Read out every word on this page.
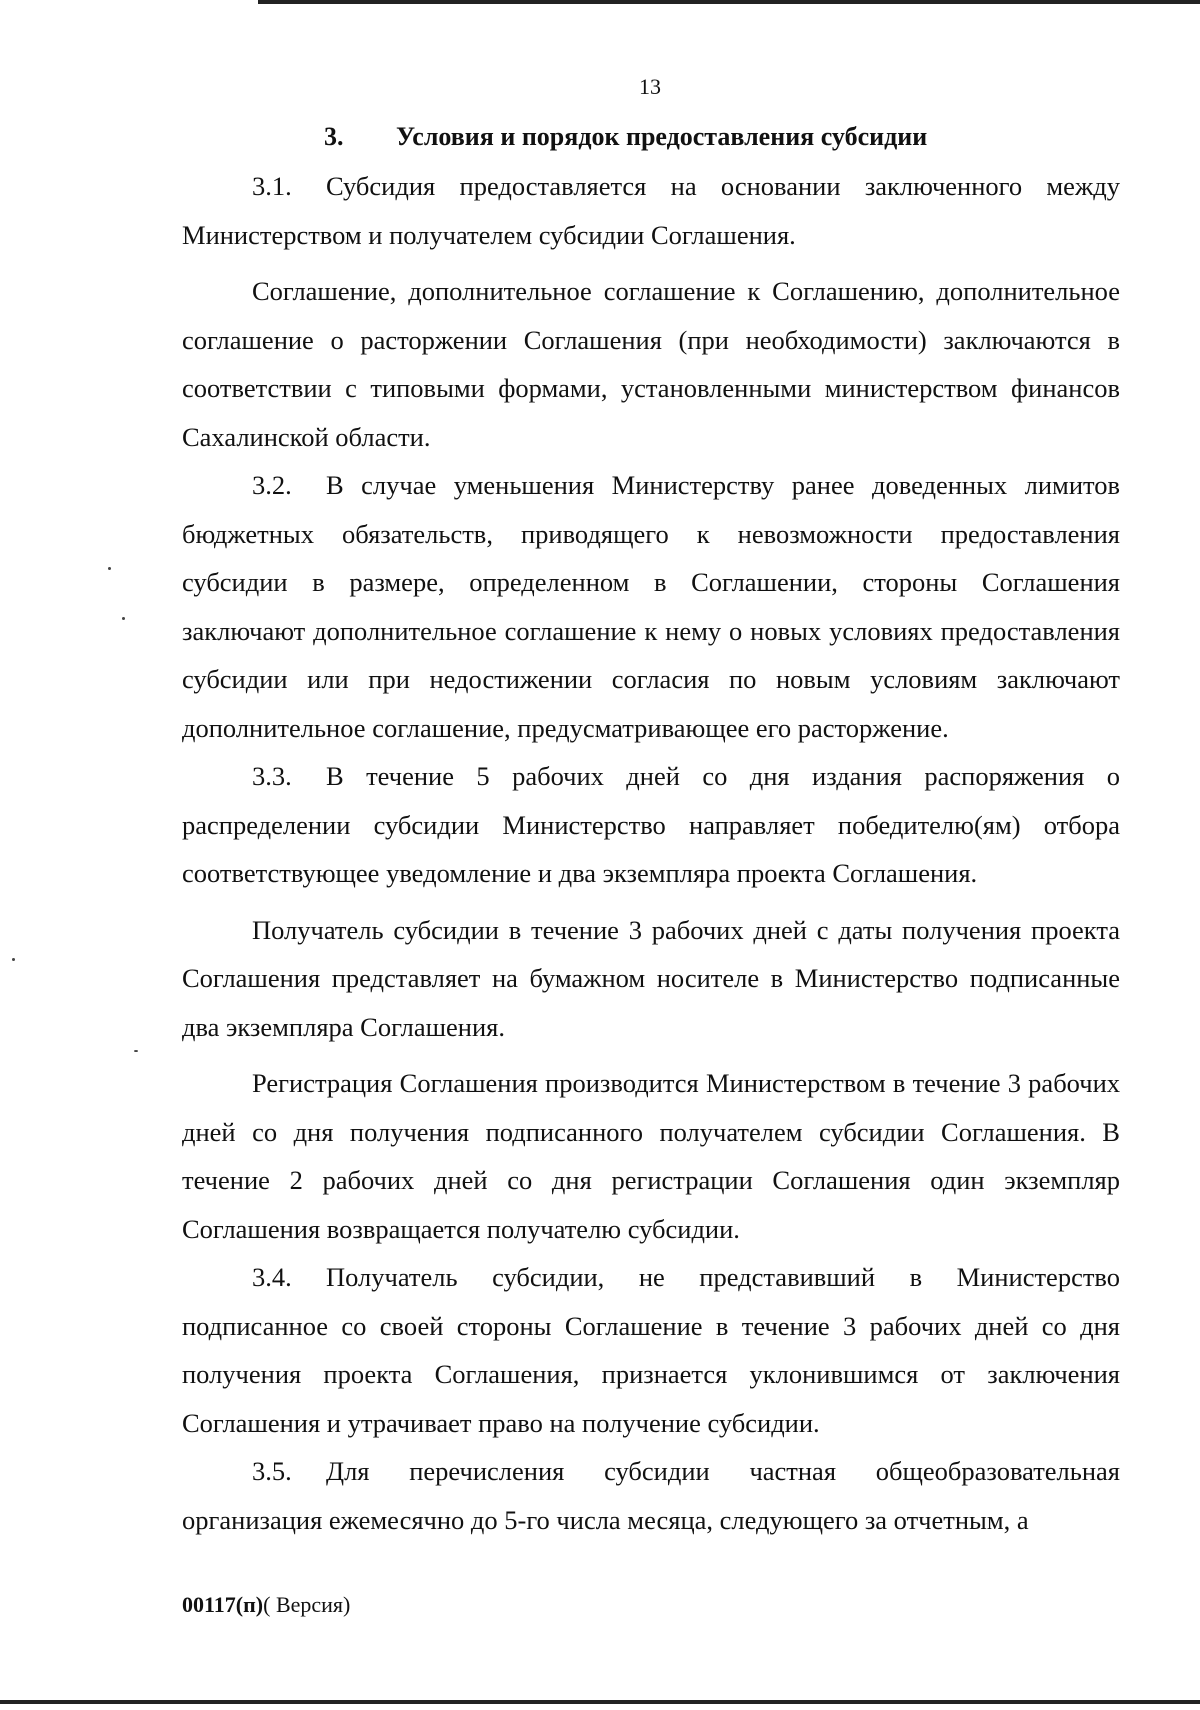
13
3. Условия и порядок предоставления субсидии

3.1. Субсидия предоставляется на основании заключенного между Министерством и получателем субсидии Соглашения.

Соглашение, дополнительное соглашение к Соглашению, дополнительное соглашение о расторжении Соглашения (при необходимости) заключаются в соответствии с типовыми формами, установленными министерством финансов Сахалинской области.

3.2. В случае уменьшения Министерству ранее доведенных лимитов бюджетных обязательств, приводящего к невозможности предоставления субсидии в размере, определенном в Соглашении, стороны Соглашения заключают дополнительное соглашение к нему о новых условиях предоставления субсидии или при недостижении согласия по новым условиям заключают дополнительное соглашение, предусматривающее его расторжение.

3.3. В течение 5 рабочих дней со дня издания распоряжения о распределении субсидии Министерство направляет победителю(ям) отбора соответствующее уведомление и два экземпляра проекта Соглашения.

Получатель субсидии в течение 3 рабочих дней с даты получения проекта Соглашения представляет на бумажном носителе в Министерство подписанные два экземпляра Соглашения.

Регистрация Соглашения производится Министерством в течение 3 рабочих дней со дня получения подписанного получателем субсидии Соглашения. В течение 2 рабочих дней со дня регистрации Соглашения один экземпляр Соглашения возвращается получателю субсидии.

3.4. Получатель субсидии, не представивший в Министерство подписанное со своей стороны Соглашение в течение 3 рабочих дней со дня получения проекта Соглашения, признается уклонившимся от заключения Соглашения и утрачивает право на получение субсидии.

3.5. Для перечисления субсидии частная общеобразовательная организация ежемесячно до 5-го числа месяца, следующего за отчетным, а

00117(п)( Версия)
